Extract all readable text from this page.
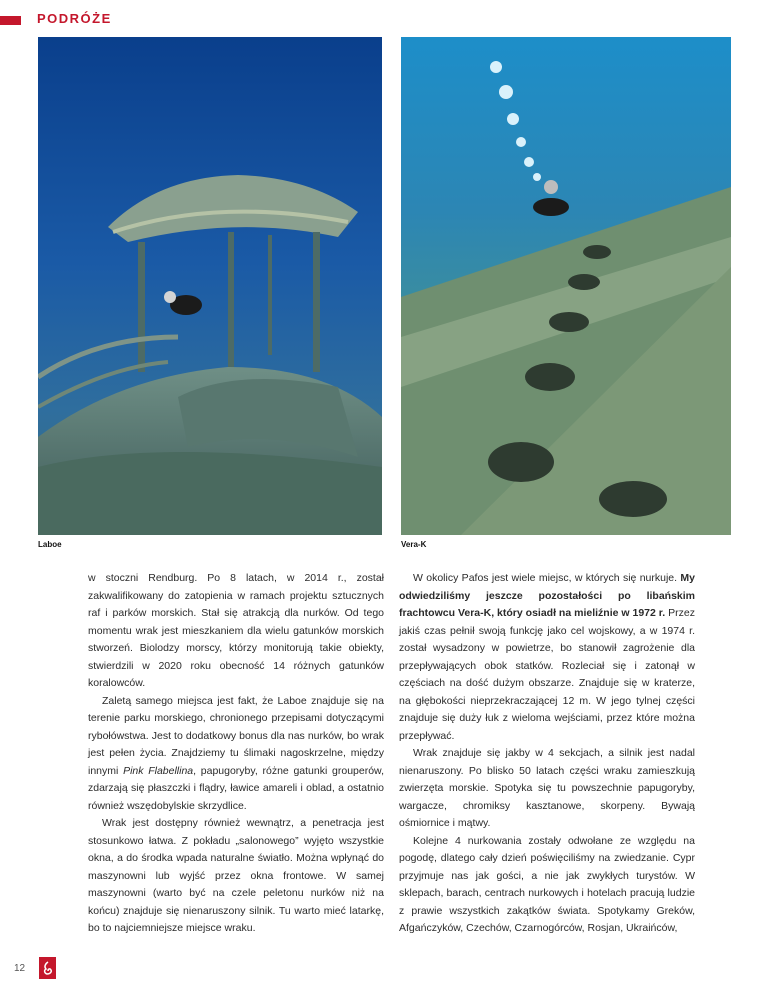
PODRÓŻE
Laboe	Vera-K

w stoczni Rendburg. Po 8 latach, w 2014 r., został zakwalifikowany do zatopienia w ramach projektu sztucznych raf i parków morskich. Stał się atrakcją dla nurków. Od tego momentu wrak jest mieszkaniem dla wielu gatunków morskich stworzeń. Biolodzy morscy, którzy monitorują takie obiekty, stwierdzili w 2020 roku obecność 14 różnych gatunków koralowców.

Zaletą samego miejsca jest fakt, że Laboe znajduje się na terenie parku morskiego, chronionego przepisami dotyczącymi rybołówstwa. Jest to dodatkowy bonus dla nas nurków, bo wrak jest pełen życia. Znajdziemy tu ślimaki nagoskrzelne, między innymi Pink Flabellina, papugoryby, różne gatunki grouperów, zdarzają się płaszczki i flądry, ławice amareli i oblad, a ostatnio również wszędobylskie skrzydlice.

Wrak jest dostępny również wewnątrz, a penetracja jest stosunkowo łatwa. Z pokładu „salonowego” wyjęto wszystkie okna, a do środka wpada naturalne światło. Można wpłynąć do maszynowni lub wyjść przez okna frontowe. W samej maszynowni (warto być na czele peletonu nurków niż na końcu) znajduje się nienaruszony silnik. Tu warto mieć latarkę, bo to najciemniejsze miejsce wraku.

W okolicy Pafos jest wiele miejsc, w których się nurkuje. My odwiedziliśmy jeszcze pozostałości po libańskim frachtowcu Vera-K, który osiadł na mieliźnie w 1972 r. Przez jakiś czas pełnił swoją funkcję jako cel wojskowy, a w 1974 r. został wysadzony w powietrze, bo stanowił zagrożenie dla przepływających obok statków. Rozleciał się i zatonął w częściach na dość dużym obszarze. Znajduje się w kraterze, na głębokości nieprzekraczającej 12 m. W jego tylnej części znajduje się duży łuk z wieloma wejściami, przez które można przepływać.

Wrak znajduje się jakby w 4 sekcjach, a silnik jest nadal nienaruszony. Po blisko 50 latach części wraku zamieszkują zwierzęta morskie. Spotyka się tu powszechnie papugoryby, wargacze, chromiksy kasztanowe, skorpeny. Bywają ośmiornice i mątwy.

Kolejne 4 nurkowania zostały odwołane ze względu na pogodę, dlatego cały dzień poświęciliśmy na zwiedzanie. Cypr przyjmuje nas jak gości, a nie jak zwykłych turystów. W sklepach, barach, centrach nurkowych i hotelach pracują ludzie z prawie wszystkich zakątków świata. Spotykamy Greków, Afgańczyków, Czechów, Czarnogórców, Rosjan, Ukraińców,

12
